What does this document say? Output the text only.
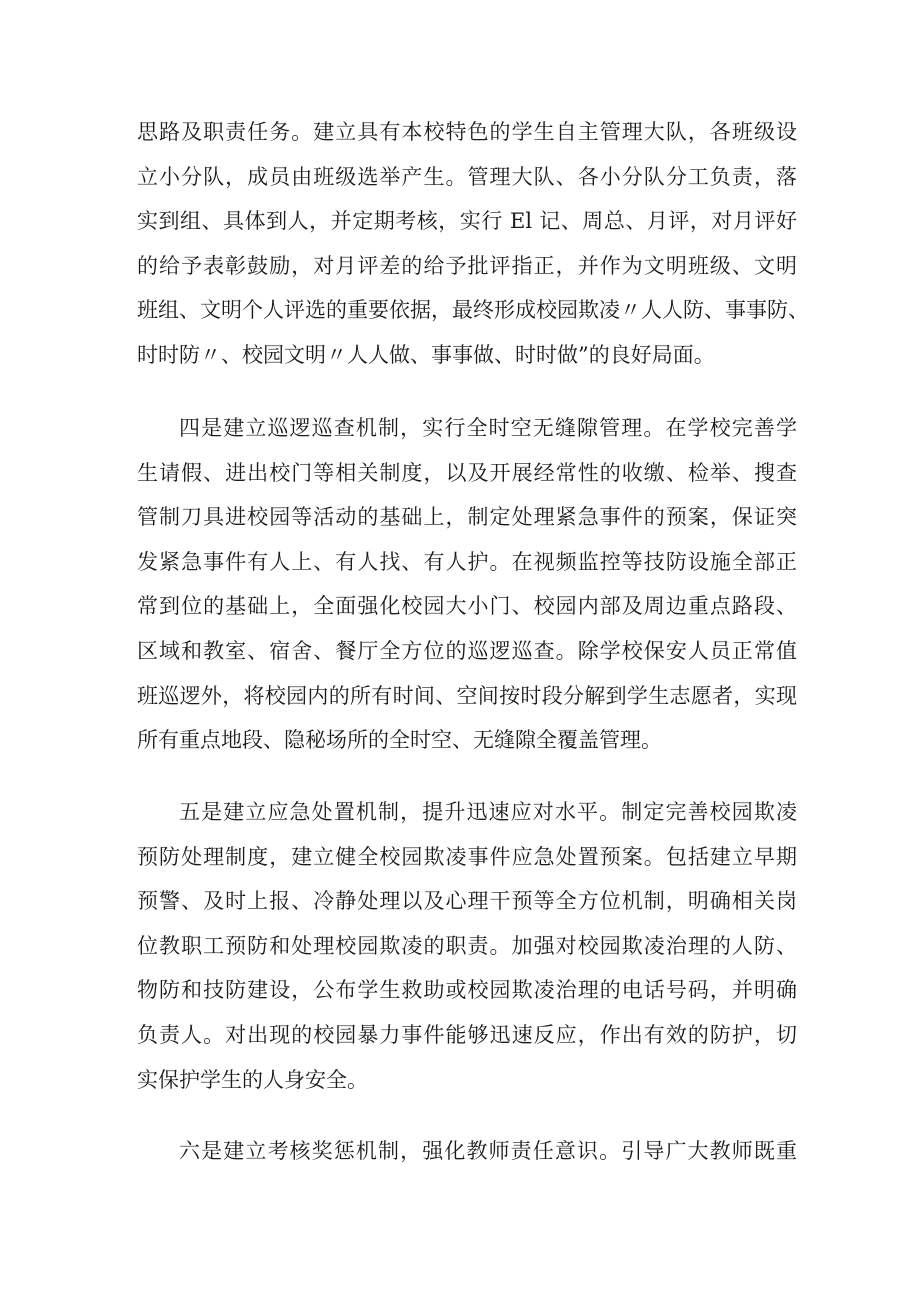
思路及职责任务。建立具有本校特色的学生自主管理大队，各班级设

立小分队，成员由班级选举产生。管理大队、各小分队分工负责，落

实到组、具体到人，并定期考核，实行 El 记、周总、月评，对月评好

的给予表彰鼓励，对月评差的给予批评指正，并作为文明班级、文明

班组、文明个人评选的重要依据，最终形成校园欺凌〃人人防、事事防、

时时防〃、校园文明〃人人做、事事做、时时做”的良好局面。

四是建立巡逻巡查机制，实行全时空无缝隙管理。在学校完善学

生请假、进出校门等相关制度，以及开展经常性的收缴、检举、搜查

管制刀具进校园等活动的基础上，制定处理紧急事件的预案，保证突

发紧急事件有人上、有人找、有人护。在视频监控等技防设施全部正

常到位的基础上，全面强化校园大小门、校园内部及周边重点路段、

区域和教室、宿舍、餐厅全方位的巡逻巡查。除学校保安人员正常值

班巡逻外，将校园内的所有时间、空间按时段分解到学生志愿者，实现

所有重点地段、隐秘场所的全时空、无缝隙全覆盖管理。

五是建立应急处置机制，提升迅速应对水平。制定完善校园欺凌

预防处理制度，建立健全校园欺凌事件应急处置预案。包括建立早期

预警、及时上报、冷静处理以及心理干预等全方位机制，明确相关岗

位教职工预防和处理校园欺凌的职责。加强对校园欺凌治理的人防、

物防和技防建设，公布学生救助或校园欺凌治理的电话号码，并明确

负责人。对出现的校园暴力事件能够迅速反应，作出有效的防护，切

实保护学生的人身安全。

六是建立考核奖惩机制，强化教师责任意识。引导广大教师既重
